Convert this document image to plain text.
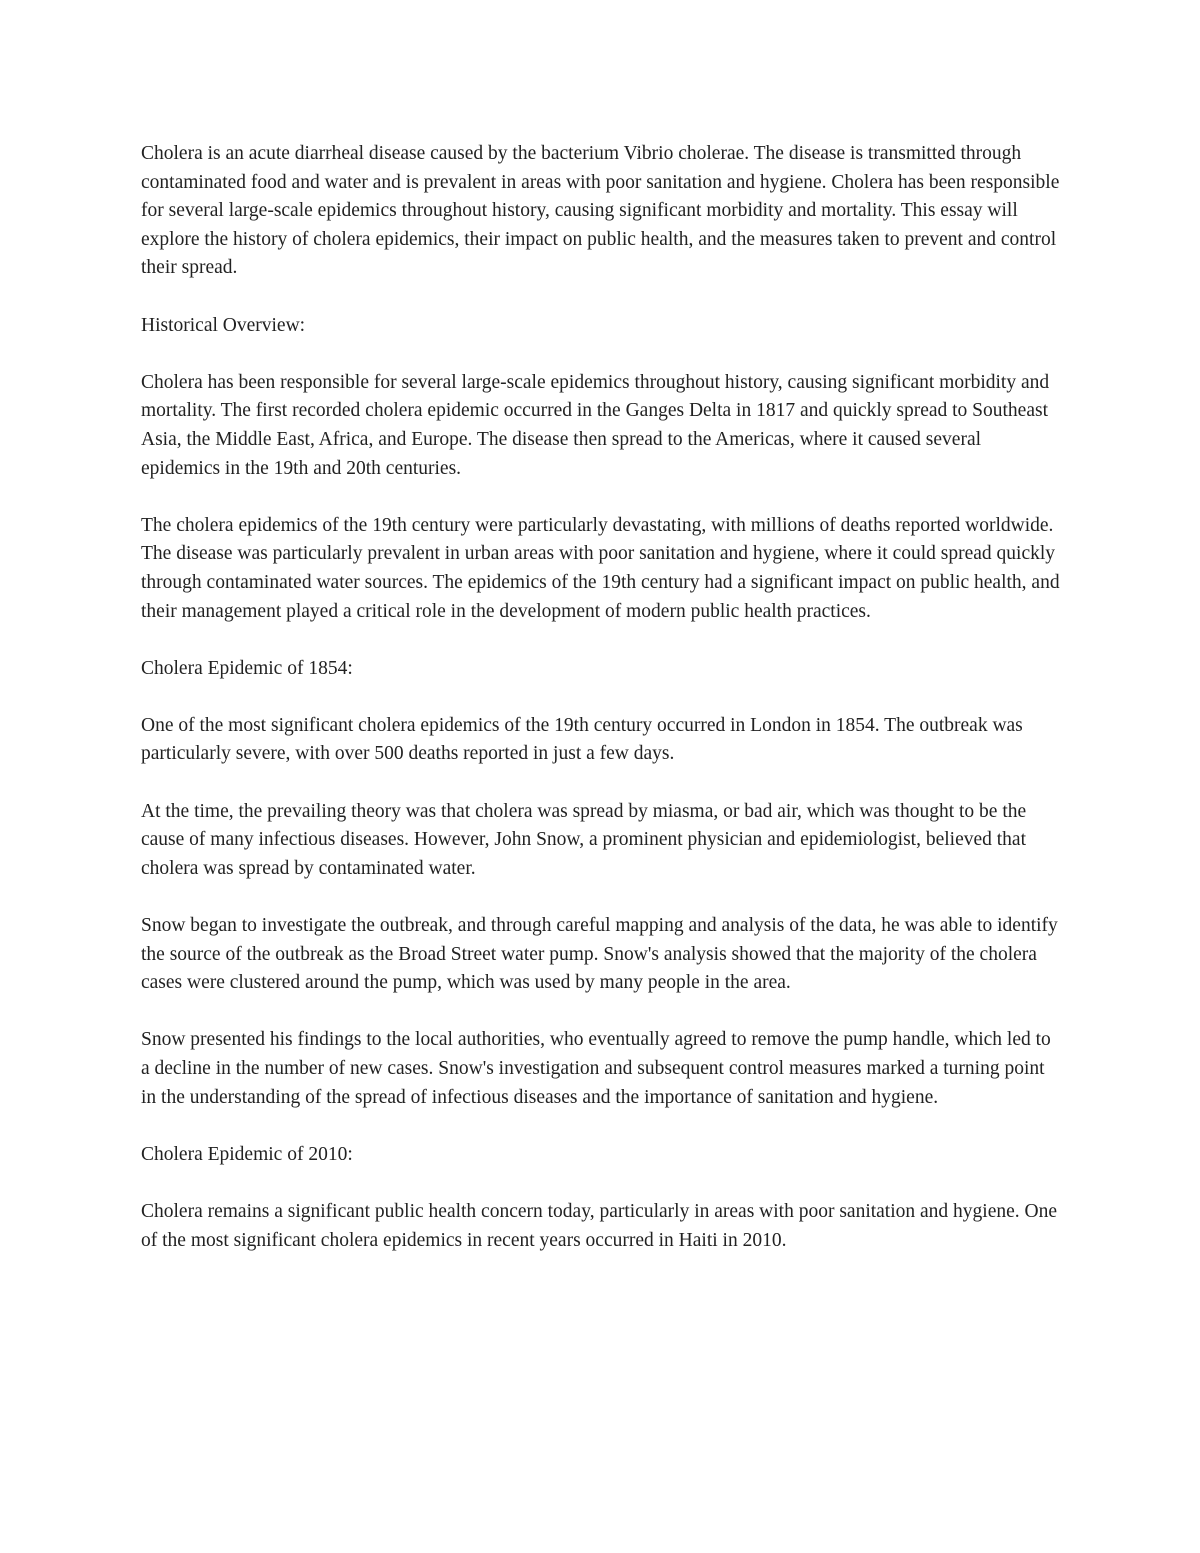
Cholera is an acute diarrheal disease caused by the bacterium Vibrio cholerae. The disease is transmitted through contaminated food and water and is prevalent in areas with poor sanitation and hygiene. Cholera has been responsible for several large-scale epidemics throughout history, causing significant morbidity and mortality. This essay will explore the history of cholera epidemics, their impact on public health, and the measures taken to prevent and control their spread.

Historical Overview:

Cholera has been responsible for several large-scale epidemics throughout history, causing significant morbidity and mortality. The first recorded cholera epidemic occurred in the Ganges Delta in 1817 and quickly spread to Southeast Asia, the Middle East, Africa, and Europe. The disease then spread to the Americas, where it caused several epidemics in the 19th and 20th centuries.

The cholera epidemics of the 19th century were particularly devastating, with millions of deaths reported worldwide. The disease was particularly prevalent in urban areas with poor sanitation and hygiene, where it could spread quickly through contaminated water sources. The epidemics of the 19th century had a significant impact on public health, and their management played a critical role in the development of modern public health practices.

Cholera Epidemic of 1854:

One of the most significant cholera epidemics of the 19th century occurred in London in 1854. The outbreak was particularly severe, with over 500 deaths reported in just a few days.

At the time, the prevailing theory was that cholera was spread by miasma, or bad air, which was thought to be the cause of many infectious diseases. However, John Snow, a prominent physician and epidemiologist, believed that cholera was spread by contaminated water.

Snow began to investigate the outbreak, and through careful mapping and analysis of the data, he was able to identify the source of the outbreak as the Broad Street water pump. Snow's analysis showed that the majority of the cholera cases were clustered around the pump, which was used by many people in the area.

Snow presented his findings to the local authorities, who eventually agreed to remove the pump handle, which led to a decline in the number of new cases. Snow's investigation and subsequent control measures marked a turning point in the understanding of the spread of infectious diseases and the importance of sanitation and hygiene.

Cholera Epidemic of 2010:

Cholera remains a significant public health concern today, particularly in areas with poor sanitation and hygiene. One of the most significant cholera epidemics in recent years occurred in Haiti in 2010.
